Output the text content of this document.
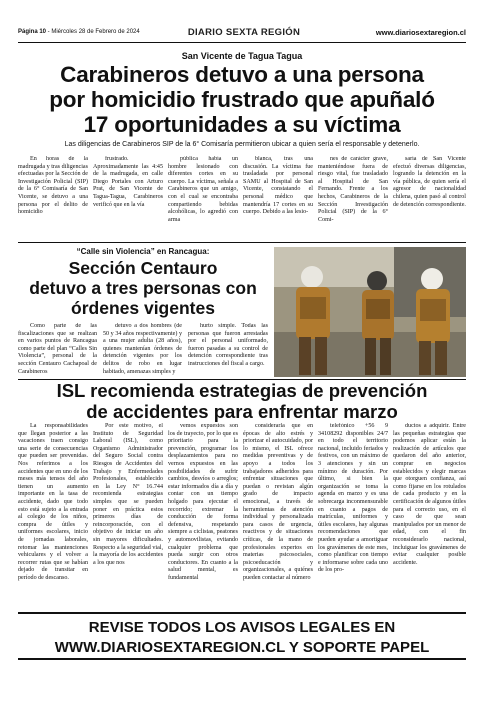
Página 10 - Miércoles 28 de Febrero de 2024	DIARIO SEXTA REGIÓN	www.diariosextaregion.cl
San Vicente de Tagua Tagua
Carabineros detuvo a una persona
por homicidio frustrado que apuñaló
17 oportunidades a su víctima
Las diligencias de Carabineros SIP de la 6° Comisaría permitieron ubicar a quien sería el responsable y detenerlo.

En horas de la madrugada y tras diligencias efectuadas por la Sección de Investigación Policial (SIP) de la 6° Comisaría de San Vicente, se detuvo a una persona por el delito de homicidio

frustrado. Aproximadamente las 4:45 de la madrugada, en calle Diego Portales con Arturo Prat, de San Vicente de Tagua-Tagua, Carabineros verificó que en la vía

pública había un hombre lesionado con diferentes cortes en su cuerpo. La víctima, señala a Carabineros que un amigo, con el cual se encontraba compartiendo bebidas alcohólicas, lo agredió con arma

blanca, tras una discusión. La víctima fue trasladada por personal SAMU al Hospital de San Vicente, constatando el personal médico que mantendría 17 cortes en su cuerpo. Debido a las lesio-

nes de carácter grave, manteniéndose fuera de riesgo vital, fue trasladado al Hospital de San Fernando. Frente a los hechos, Carabineros de la Sección Investigación Policial (SIP) de la 6° Comi-

saría de San Vicente efectuó diversas diligencias, logrando la detención en la vía pública, de quien sería el agresor de nacionalidad chilena, quien pasó al control de detención correspondiente.

“Calle sin Violencia” en Rancagua:
Sección Centauro
detuvo a tres personas con
órdenes vigentes

Como parte de las fiscalizaciones que se realizan en varios puntos de Rancagua como parte del plan “Calles Sin Violencia”, personal de la sección Centauro Cachapoal de Carabineros

detuvo a dos hombres (de 50 y 34 años respectivamente) y a una mujer adulta (28 años), quienes mantenían órdenes de detención vigentes por los delitos de robo en lugar habitado, amenazas simples y

hurto simple. Todas las personas que fueron arrestadas por el personal uniformado, fueron pasadas a su control de detención correspondiente tras instrucciones del fiscal a cargo.

ISL recomienda estrategias de prevención
de accidentes para enfrentar marzo

La responsabilidades que llegan posterior a las vacaciones traen consigo una serie de consecuencias que pueden ser prevenidas. Nos referimos a los accidentes que en uno de los meses más tensos del año tienen un aumento importante en la tasa de accidente, dado que todo esto está sujeto a la entrada al colegio de los niños, compra de útiles y uniformes escolares, inicio de jornadas laborales, retomar las mantenciones vehiculares y el volver a recorrer rutas que se habían dejado de transitar en período de descanso.

Por este motivo, el Instituto de Seguridad Laboral (ISL), como Organismo Administrador del Seguro Social contra Riesgos de Accidentes del Trabajo y Enfermedades Profesionales, establecido en la Ley N° 16.744 recomienda estrategias simples que se pueden poner en práctica estos primeros días de reincorporación, con el objetivo de iniciar un año sin mayores dificultades. Respecto a la seguridad vial, la mayoría de los accidentes a los que nos

vemos expuestos son los de trayecto, por lo que es prioritario para la prevención, programar los desplazamientos para no vernos expuestos en las posibilidades de sufrir cambios, desvíos o arreglos; estar informados día a día y contar con un tiempo holgado para ejecutar el recorrido; extremar la conducción de forma defensiva, respetando siempre a ciclistas, peatones y automovilistas, evitando cualquier problema que pueda surgir con otros conductores. En cuanto a la salud mental, es fundamental

considerarla que en épocas de alto estrés y priorizar el autocuidado, por lo mismo, el ISL ofrece medidas preventivas y de apoyo a todos los trabajadores adheridos para enfrentar situaciones que puedan o revistan algún grado de impacto emocional, a través de herramientas de atención individual y personalizada para casos de urgencia, reactivos y de situaciones críticas, de la mano de profesionales expertos en materias psicosociales, psicoeducación y organizacionales, a quiénes pueden contactar al número

telefónico +56 9 34108292 disponibles 24/7 en todo el territorio nacional, incluido feriados y festivos, con un máximo de 3 atenciones y sin un mínimo de duración. Por último, si bien la organización se toma la agenda en marzo y es una sobrecarga inconmensurable en cuanto a pagos de matrículas, uniformes y útiles escolares, hay algunas recomendaciones que pueden ayudar a amortiguar los gravámenes de este mes, como planificar con tiempo e informarse sobre cada uno de los pro-

ductos a adquirir. Entre las pequeñas estrategias que podemos aplicar están la realización de artículos que quedaron del año anterior, comprar en negocios establecidos y elegir marcas que otorguen confianza, así como fijarse en los rotulados de cada producto y en la certificación de algunos útiles para el correcto uso, en el caso de que sean manipulados por un menor de edad, con el fin reconsiderarlo nacional, incluiguar los gravámenes de evitar cualquier posible accidente.

REVISE TODOS LOS AVISOS LEGALES EN
WWW.DIARIOSEXTAREGION.CL Y SOPORTE PAPEL
